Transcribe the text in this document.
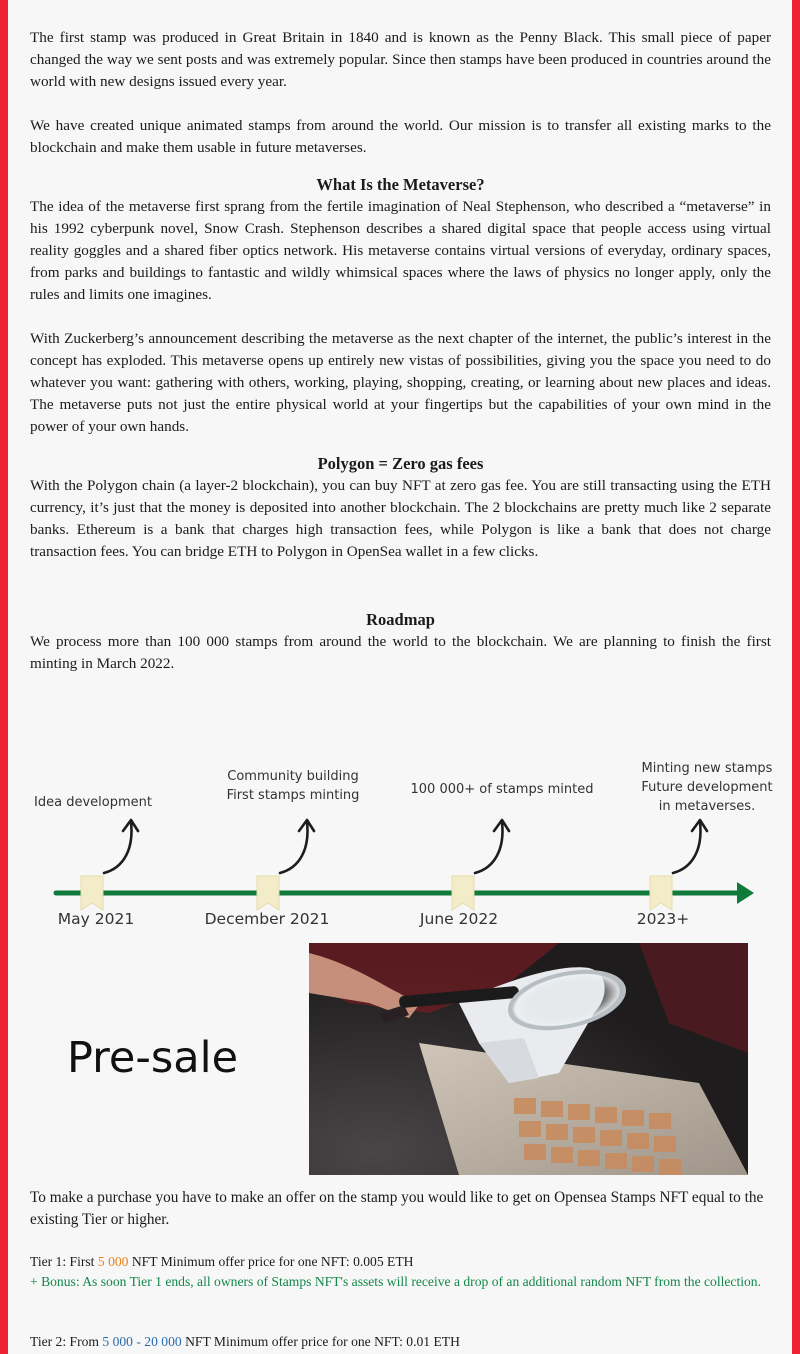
The first stamp was produced in Great Britain in 1840 and is known as the Penny Black. This small piece of paper changed the way we sent posts and was extremely popular. Since then stamps have been produced in countries around the world with new designs issued every year.

We have created unique animated stamps from around the world. Our mission is to transfer all existing marks to the blockchain and make them usable in future metaverses.

What Is the Metaverse?

The idea of the metaverse first sprang from the fertile imagination of Neal Stephenson, who described a “metaverse” in his 1992 cyberpunk novel, Snow Crash. Stephenson describes a shared digital space that people access using virtual reality goggles and a shared fiber optics network. His metaverse contains virtual versions of everyday, ordinary spaces, from parks and buildings to fantastic and wildly whimsical spaces where the laws of physics no longer apply, only the rules and limits one imagines.

With Zuckerberg’s announcement describing the metaverse as the next chapter of the internet, the public’s interest in the concept has exploded. This metaverse opens up entirely new vistas of possibilities, giving you the space you need to do whatever you want: gathering with others, working, playing, shopping, creating, or learning about new places and ideas. The metaverse puts not just the entire physical world at your fingertips but the capabilities of your own mind in the power of your own hands.

Polygon = Zero gas fees

With the Polygon chain (a layer-2 blockchain), you can buy NFT at zero gas fee. You are still transacting using the ETH currency, it’s just that the money is deposited into another blockchain. The 2 blockchains are pretty much like 2 separate banks. Ethereum is a bank that charges high transaction fees, while Polygon is like a bank that does not charge transaction fees. You can bridge ETH to Polygon in OpenSea wallet in a few clicks.

Roadmap

We process more than 100 000 stamps from around the world to the blockchain. We are planning to finish the first minting in March 2022.

Idea development
Community building
First stamps minting	100 000+ of stamps minted
Minting new stamps
Future development
in metaverses.
May 2021	December 2021	June 2022	2023+
Pre-sale

To make a purchase you have to make an offer on the stamp you would like to get on Opensea Stamps NFT equal to the existing Tier or higher.

Tier 1: First 5 000 NFT Minimum offer price for one NFT: 0.005 ETH

+ Bonus: As soon Tier 1 ends, all owners of Stamps NFT's assets will receive a drop of an additional random NFT from the collection.

Tier 2: From 5 000 - 20 000 NFT Minimum offer price for one NFT: 0.01 ETH
